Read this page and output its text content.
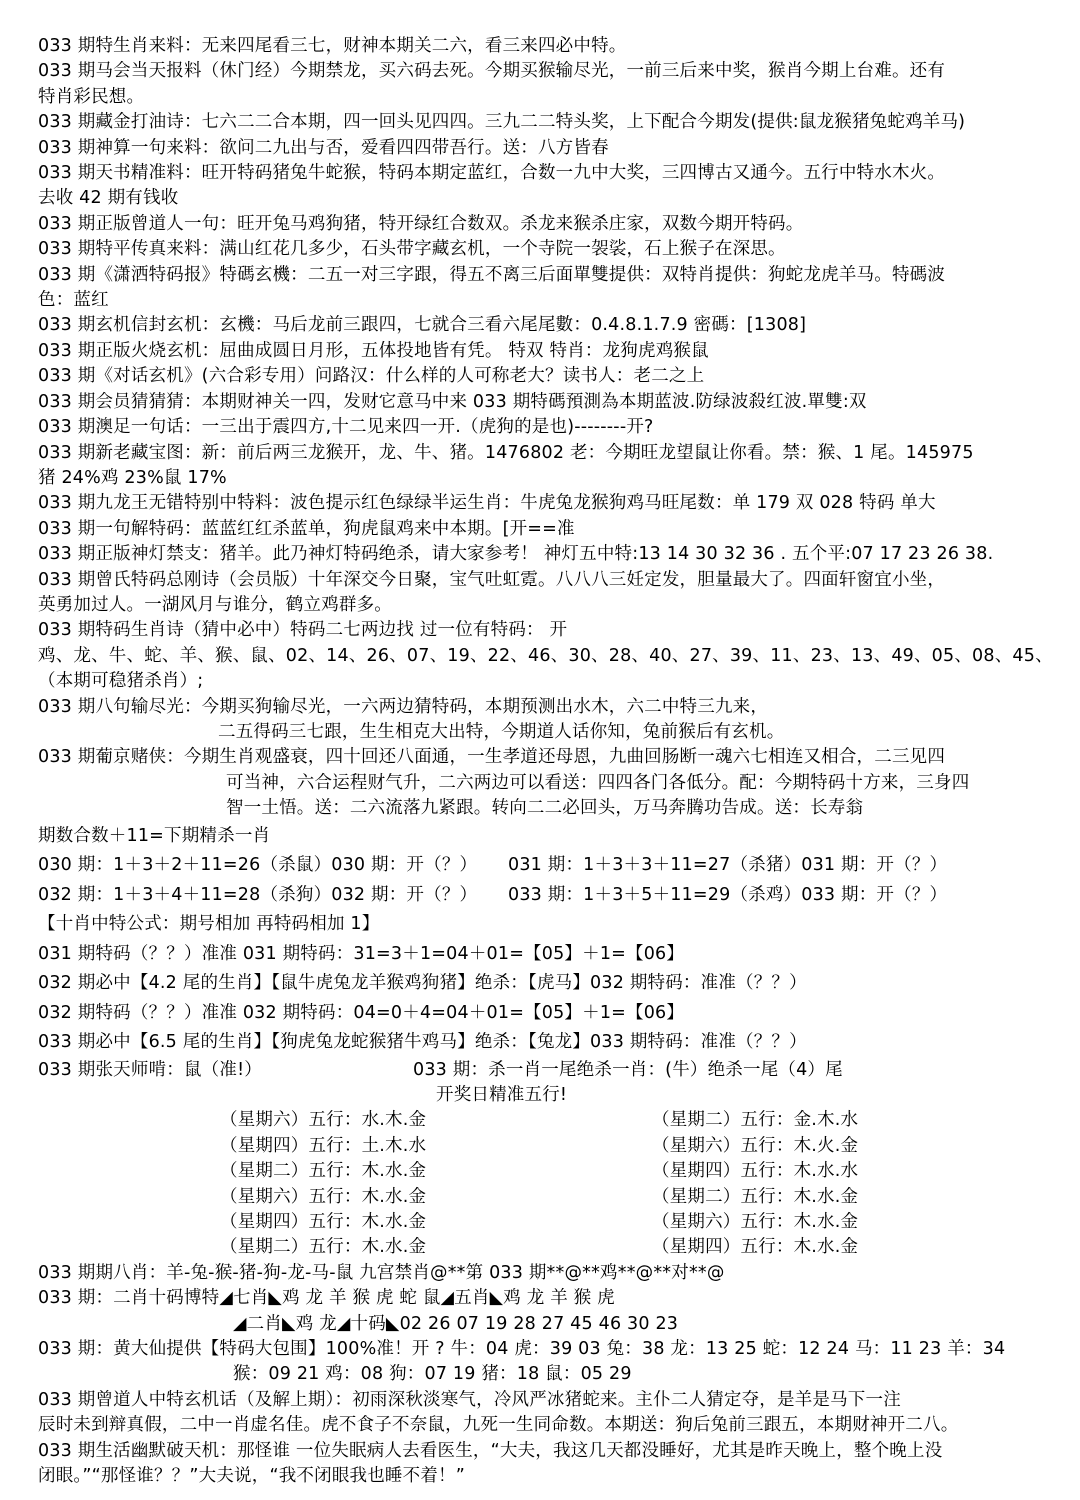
033 期特生肖来料：无来四尾看三七，财神本期关二六，看三来四必中特。
033 期马会当天报料（休门经）今期禁龙，买六码去死。今期买猴输尽光，一前三后来中奖，猴肖今期上台难。还有
特肖彩民想。
033 期藏金打油诗：七六二二合本期，四一回头见四四。三九二二特头奖，上下配合今期发(提供:鼠龙猴猪兔蛇鸡羊马)
033 期神算一句来料：欲问二九出与否，爱看四四带吾行。送：八方皆春
033 期天书精准料：旺开特码猪兔牛蛇猴，特码本期定蓝红，合数一九中大奖，三四博古又通今。五行中特水木火。
去收 42 期有钱收
033 期正版曾道人一句：旺开兔马鸡狗猪，特开绿红合数双。杀龙来猴杀庄家，双数今期开特码。
033 期特平传真来料：满山红花几多少，石头带字藏玄机，一个寺院一袈裟，石上猴子在深思。
033 期《潇洒特码报》特碼玄機：二五一对三字跟，得五不离三后面單雙提供：双特肖提供：狗蛇龙虎羊马。特碼波
色：蓝红
033 期玄机信封玄机：玄機：马后龙前三跟四，七就合三看六尾尾數：0.4.8.1.7.9 密碼：[1308]
033 期正版火烧玄机：屈曲成圆日月形，五体投地皆有凭。 特双 特肖：龙狗虎鸡猴鼠
033 期《对话玄机》(六合彩专用）问路汉：什么样的人可称老大？读书人：老二之上
033 期会员猜猜猜：本期财神关一四，发财它意马中来 033 期特碼預測為本期蓝波.防绿波殺红波.單雙:双
033 期澳足一句话：一三出于震四方,十二见来四一开.（虎狗的是也)--------开?
033 期新老藏宝图：新：前后两三龙猴开，龙、牛、猪。1476802 老：今期旺龙望鼠让你看。禁：猴、1 尾。145975
猪 24%鸡 23%鼠 17%
033 期九龙王无错特别中特料：波色提示红色绿绿半运生肖：牛虎兔龙猴狗鸡马旺尾数：单 179 双 028 特码 单大
033 期一句解特码：蓝蓝红红杀蓝单，狗虎鼠鸡来中本期。[开==准
033 期正版神灯禁支：猪羊。此乃神灯特码绝杀，请大家参考！ 神灯五中特:13 14 30 32 36 . 五个平:07 17 23 26 38.
033 期曾氏特码总刚诗（会员版）十年深交今日聚，宝气吐虹霓。八八八三妊定发，胆量最大了。四面轩窗宜小坐，
英勇加过人。一湖风月与谁分，鹤立鸡群多。
033 期特码生肖诗（猜中必中）特码二七两边找 过一位有特码： 开
鸡、龙、牛、蛇、羊、猴、鼠、02、14、26、07、19、22、46、30、28、40、27、39、11、23、13、49、05、08、45、
（本期可稳猪杀肖）;
033 期八句输尽光：今期买狗输尽光，一六两边猜特码，本期预测出水木，六二中特三九来，
二五得码三七跟，生生相克大出特，今期道人话你知，兔前猴后有玄机。
033 期葡京赌侠：今期生肖观盛衰，四十回还八面通，一生孝道还母恩，九曲回肠断一魂六七相连又相合，二三见四
可当神，六合运程财气升，二六两边可以看送：四四各门各低分。配：今期特码十方来，三身四
智一土悟。送：二六流落九紧跟。转向二二必回头，万马奔腾功告成。送：长寿翁
期数合数＋11=下期精杀一肖
030 期：1＋3＋2＋11=26（杀鼠）030 期：开（？）	031 期：1＋3＋3＋11=27（杀猪）031 期：开（？）
032 期：1＋3＋4＋11=28（杀狗）032 期：开（？）	033 期：1＋3＋5＋11=29（杀鸡）033 期：开（？）
【十肖中特公式：期号相加 再特码相加 1】
031 期特码（？？）准准 031 期特码：31=3＋1=04＋01=【05】＋1=【06】
032 期必中【4.2 尾的生肖】【鼠牛虎兔龙羊猴鸡狗猪】绝杀：【虎马】032 期特码：准准（？？）
032 期特码（？？）准准 032 期特码：04=0＋4=04＋01=【05】＋1=【06】
033 期必中【6.5 尾的生肖】【狗虎兔龙蛇猴猪牛鸡马】绝杀：【兔龙】033 期特码：准准（？？）
033 期张天师啃：鼠（准!）	033 期：杀一肖一尾绝杀一肖：(牛）绝杀一尾（4）尾
开奖日精准五行!
（星期六）五行：水.木.金	（星期二）五行：金.木.水
（星期四）五行：土.木.水	（星期六）五行：木.火.金
（星期二）五行：木.水.金	（星期四）五行：木.水.水
（星期六）五行：木.水.金	（星期二）五行：木.水.金
（星期四）五行：木.水.金	（星期六）五行：木.水.金
（星期二）五行：木.水.金	（星期四）五行：木.水.金
033 期期八肖：羊-兔-猴-猪-狗-龙-马-鼠 九宫禁肖@**第 033 期**@**鸡**@**对**@
033 期：二肖十码博特◢七肖◣鸡 龙 羊 猴 虎 蛇 鼠◢五肖◣鸡 龙 羊 猴 虎
◢二肖◣鸡 龙◢十码◣02 26 07 19 28 27 45 46 30 23
033 期：黄大仙提供【特码大包围】100%准！开 ? 牛：04 虎：39 03 兔：38 龙：13 25 蛇：12 24 马：11 23 羊：34
猴：09 21 鸡：08 狗：07 19 猪：18 鼠：05 29
033 期曾道人中特玄机话（及解上期）：初雨深秋淡寒气，冷风严冰猪蛇来。主仆二人猜定夺，是羊是马下一注
辰时未到辩真假，二中一肖虚名佳。虎不食子不奈鼠，九死一生同命数。本期送：狗后兔前三跟五，本期财神开二八。
033 期生活幽默破天机：那怪谁 一位失眠病人去看医生，“大夫，我这几天都没睡好，尤其是昨天晚上，整个晚上没
闭眼。”“那怪谁？？”大夫说，“我不闭眼我也睡不着！”
